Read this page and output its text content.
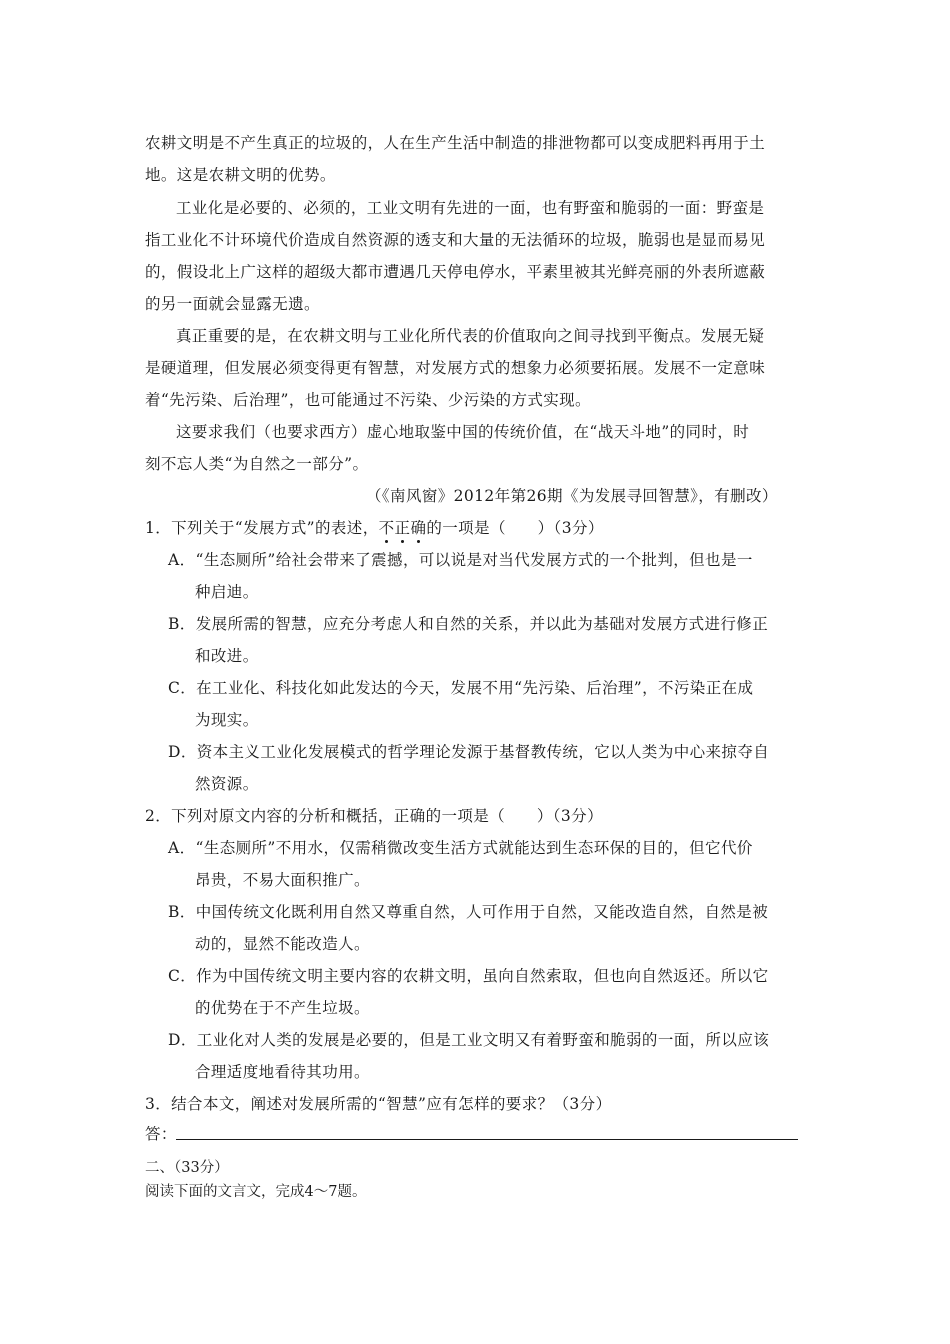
农耕文明是不产生真正的垃圾的，人在生产生活中制造的排泄物都可以变成肥料再用于土
地。这是农耕文明的优势。
工业化是必要的、必须的，工业文明有先进的一面，也有野蛮和脆弱的一面：野蛮是
指工业化不计环境代价造成自然资源的透支和大量的无法循环的垃圾，脆弱也是显而易见
的，假设北上广这样的超级大都市遭遇几天停电停水，平素里被其光鲜亮丽的外表所遮蔽
的另一面就会显露无遗。
真正重要的是，在农耕文明与工业化所代表的价值取向之间寻找到平衡点。发展无疑
是硬道理，但发展必须变得更有智慧，对发展方式的想象力必须要拓展。发展不一定意味
着“先污染、后治理”，也可能通过不污染、少污染的方式实现。
这要求我们（也要求西方）虚心地取鉴中国的传统价值，在“战天斗地”的同时，时
刻不忘人类“为自然之一部分”。
（《南风窗》2012年第26期《为发展寻回智慧》，有删改）
1．下列关于“发展方式”的表述，不正确的一项是（　　）（3分）
A．“生态厕所”给社会带来了震撼，可以说是对当代发展方式的一个批判，但也是一
种启迪。
B．发展所需的智慧，应充分考虑人和自然的关系，并以此为基础对发展方式进行修正
和改进。
C．在工业化、科技化如此发达的今天，发展不用“先污染、后治理”，不污染正在成
为现实。
D．资本主义工业化发展模式的哲学理论发源于基督教传统，它以人类为中心来掠夺自
然资源。
2．下列对原文内容的分析和概括，正确的一项是（　　）（3分）
A．“生态厕所”不用水，仅需稍微改变生活方式就能达到生态环保的目的，但它代价
昂贵，不易大面积推广。
B．中国传统文化既利用自然又尊重自然，人可作用于自然，又能改造自然，自然是被
动的，显然不能改造人。
C．作为中国传统文明主要内容的农耕文明，虽向自然索取，但也向自然返还。所以它
的优势在于不产生垃圾。
D．工业化对人类的发展是必要的，但是工业文明又有着野蛮和脆弱的一面，所以应该
合理适度地看待其功用。
3．结合本文，阐述对发展所需的“智慧”应有怎样的要求？（3分）
答：
二、（33分）
阅读下面的文言文，完成4～7题。
